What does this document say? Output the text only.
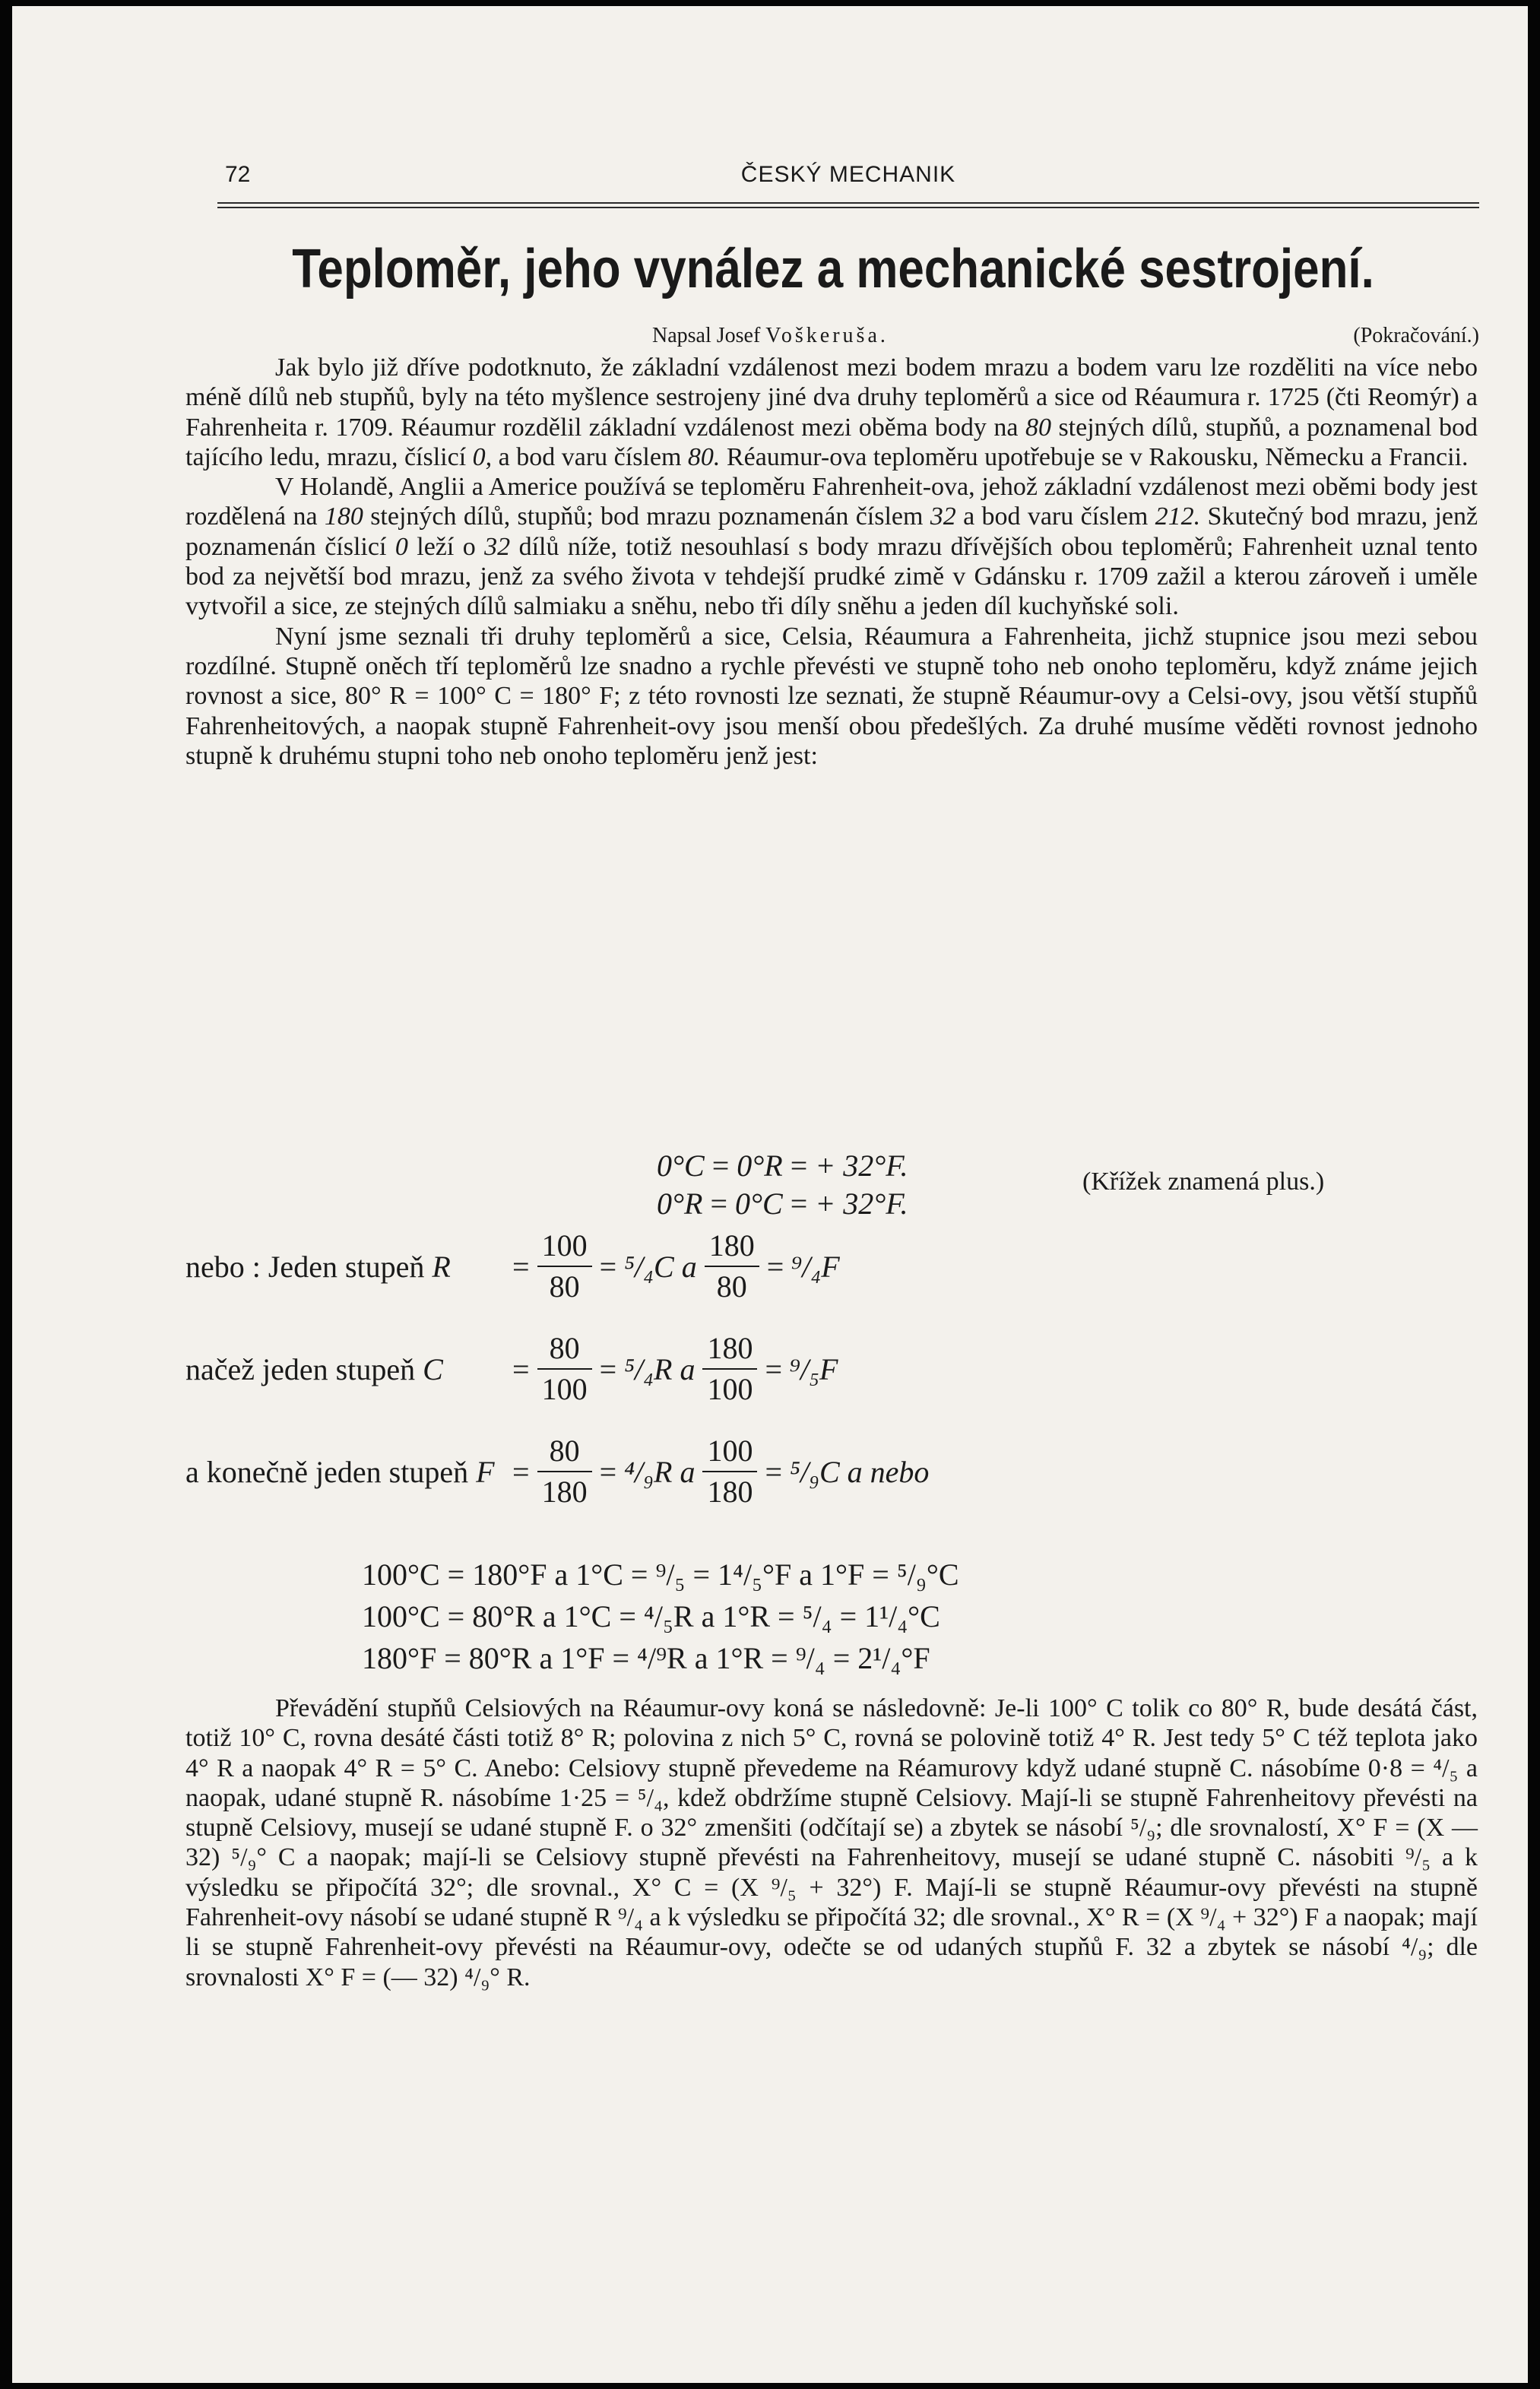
72	ČESKÝ MECHANIK
Teploměr, jeho vynález a mechanické sestrojení.
Napsal Josef Voškeruša.	(Pokračování.)

Jak bylo již dříve podotknuto, že základní vzdálenost mezi bodem mrazu a bodem varu lze rozděliti na více nebo méně dílů neb stupňů, byly na této myšlence sestrojeny jiné dva druhy teploměrů a sice od Réaumura r. 1725 (čti Reomýr) a Fahrenheita r. 1709. Réaumur rozdělil základní vzdálenost mezi oběma body na 80 stejných dílů, stupňů, a poznamenal bod tajícího ledu, mrazu, číslicí 0, a bod varu číslem 80. Réaumur-ova teploměru upotřebuje se v Rakousku, Německu a Francii.

V Holandě, Anglii a Americe používá se teploměru Fahrenheit-ova, jehož základní vzdálenost mezi oběmi body jest rozdělená na 180 stejných dílů, stupňů; bod mrazu poznamenán číslem 32 a bod varu číslem 212. Skutečný bod mrazu, jenž poznamenán číslicí 0 leží o 32 dílů níže, totiž nesouhlasí s body mrazu dřívějších obou teploměrů; Fahrenheit uznal tento bod za největší bod mrazu, jenž za svého života v tehdejší prudké zimě v Gdánsku r. 1709 zažil a kterou zároveň i uměle vytvořil a sice, ze stejných dílů salmiaku a sněhu, nebo tři díly sněhu a jeden díl kuchyňské soli.

Nyní jsme seznali tři druhy teploměrů a sice, Celsia, Réaumura a Fahrenheita, jichž stupnice jsou mezi sebou rozdílné. Stupně oněch tří teploměrů lze snadno a rychle převésti ve stupně toho neb onoho teploměru, když známe jejich rovnost a sice, 80° R = 100° C = 180° F; z této rovnosti lze seznati, že stupně Réaumur-ovy a Celsi-ovy, jsou větší stupňů Fahrenheitových, a naopak stupně Fahrenheit-ovy jsou menší obou předešlých. Za druhé musíme věděti rovnost jednoho stupně k druhému stupni toho neb onoho teploměru jenž jest:

0°C = 0°R = + 32°F.
0°R = 0°C = + 32°F.
(Křížek znamená plus.)
nebo : Jeden stupeň R	= $\frac{100}{80}$ =
⁵/₄C a $\frac{180}{80}$ =
⁹/₄F
načež jeden stupeň C	= $\frac{80}{100}$ =
⁵/₄R a $\frac{180}{100}$ =
⁹/₅F
a konečně jeden stupeň $F = \frac{80}{180}$ =
⁴/₉R a $\frac{100}{180}$ =
⁵/₉C a nebo
100°C = 180°F a 1°C = ⁹/₅ = 1⁴/₅°F a 1°F = ⁵/₉°C
100°C = 80°R a 1°C = ⁴/₅R a 1°R = ⁵/₄ = 1¹/₄°C
180°F = 80°R a 1°F = ⁴/⁹R a 1°R = ⁹/₄ = 2¹/₄°F

Převádění stupňů Celsiových na Réaumur-ovy koná se následovně: Je-li 100° C tolik co 80° R, bude desátá část, totiž 10° C, rovna desáté části totiž 8° R; polovina z nich 5° C, rovná se polovině totiž 4° R. Jest tedy 5° C též teplota jako 4° R a naopak 4° R = 5° C. Anebo: Celsiovy stupně převedeme na Réamurovy když udané stupně C. násobíme 0·8 = ⁴/₅ a naopak, udané stupně R. násobíme 1·25 = ⁵/₄, kdež obdržíme stupně Celsiovy. Mají-li se stupně Fahrenheitovy převésti na stupně Celsiovy, musejí se udané stupně F. o 32° zmenšiti (odčítají se) a zbytek se násobí ⁵/₉; dle srovnalostí, X° F = (X — 32) ⁵/₉° C a naopak; mají-li se Celsiovy stupně převésti na Fahrenheitovy, musejí se udané stupně C. násobiti ⁹/₅ a k výsledku se připočítá 32°; dle srovnal., X° C = (X ⁹/₅ + 32°) F. Mají-li se stupně Réaumur-ovy převésti na stupně Fahrenheit-ovy násobí se udané stupně R ⁹/₄ a k výsledku se připočítá 32; dle srovnal., X° R = (X ⁹/₄ + 32°) F a naopak; mají li se stupně Fahrenheit-ovy převésti na Réaumur-ovy, odečte se od udaných stupňů F. 32 a zbytek se násobí ⁴/₉; dle srovnalosti X° F = (— 32) ⁴/₉° R.
